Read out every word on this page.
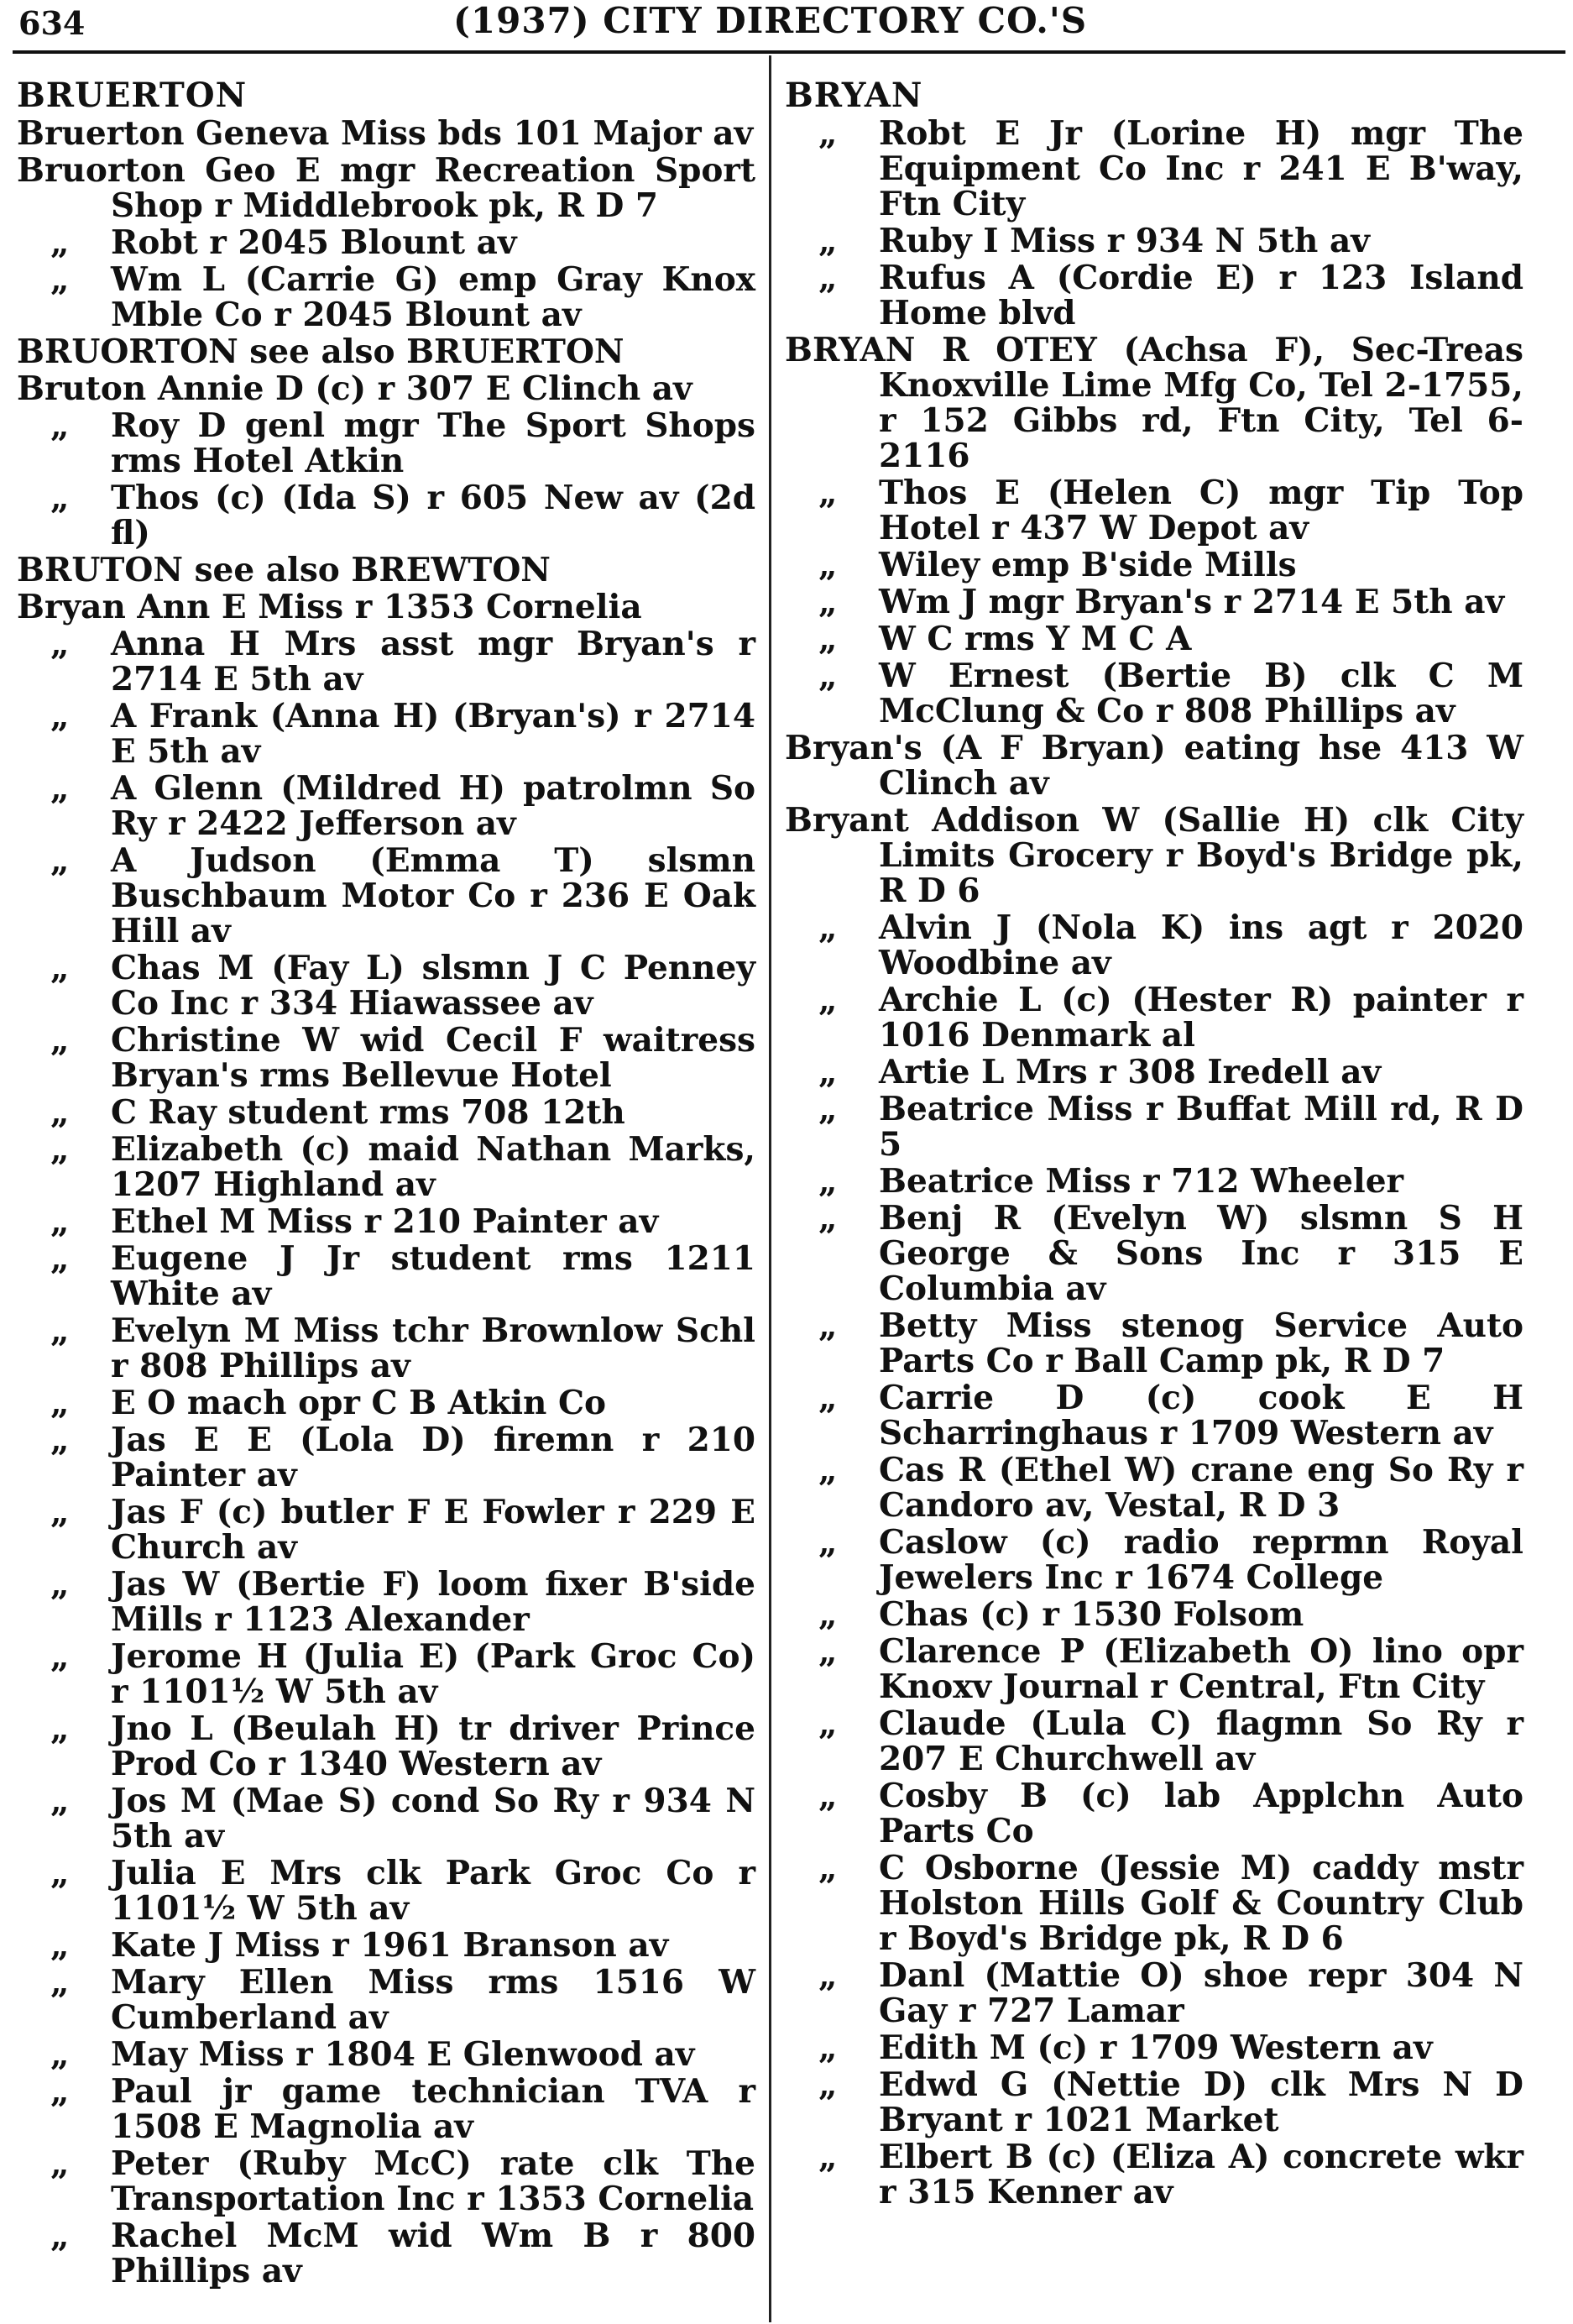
634	(1937) CITY DIRECTORY CO.'S
BRUERTON
Bruerton Geneva Miss bds 101 Major av
Bruorton Geo E mgr Recreation Sport Shop r Middlebrook pk, R D 7
„ Robt r 2045 Blount av
„ Wm L (Carrie G) emp Gray Knox Mble Co r 2045 Blount av
BRUORTON see also BRUERTON
Bruton Annie D (c) r 307 E Clinch av
„ Roy D genl mgr The Sport Shops rms Hotel Atkin
„ Thos (c) (Ida S) r 605 New av (2d fl)
BRUTON see also BREWTON
Bryan Ann E Miss r 1353 Cornelia
„ Anna H Mrs asst mgr Bryan's r 2714 E 5th av
„ A Frank (Anna H) (Bryan's) r 2714 E 5th av
„ A Glenn (Mildred H) patrolmn So Ry r 2422 Jefferson av
„ A Judson (Emma T) slsmn Buschbaum Motor Co r 236 E Oak Hill av
„ Chas M (Fay L) slsmn J C Penney Co Inc r 334 Hiawassee av
„ Christine W wid Cecil F waitress Bryan's rms Bellevue Hotel
„ C Ray student rms 708 12th
„ Elizabeth (c) maid Nathan Marks, 1207 Highland av
„ Ethel M Miss r 210 Painter av
„ Eugene J Jr student rms 1211 White av
„ Evelyn M Miss tchr Brownlow Schl r 808 Phillips av
„ E O mach opr C B Atkin Co
„ Jas E E (Lola D) firemn r 210 Painter av
„ Jas F (c) butler F E Fowler r 229 E Church av
„ Jas W (Bertie F) loom fixer B'side Mills r 1123 Alexander
„ Jerome H (Julia E) (Park Groc Co) r 1101½ W 5th av
„ Jno L (Beulah H) tr driver Prince Prod Co r 1340 Western av
„ Jos M (Mae S) cond So Ry r 934 N 5th av
„ Julia E Mrs clk Park Groc Co r 1101½ W 5th av
„ Kate J Miss r 1961 Branson av
„ Mary Ellen Miss rms 1516 W Cumberland av
„ May Miss r 1804 E Glenwood av
„ Paul jr game technician TVA r 1508 E Magnolia av
„ Peter (Ruby McC) rate clk The Transportation Inc r 1353 Cornelia
„ Rachel McM wid Wm B r 800 Phillips av
BRYAN
„ Robt E Jr (Lorine H) mgr The Equipment Co Inc r 241 E B'way, Ftn City
„ Ruby I Miss r 934 N 5th av
„ Rufus A (Cordie E) r 123 Island Home blvd
BRYAN R OTEY (Achsa F), Sec-Treas Knoxville Lime Mfg Co, Tel 2-1755, r 152 Gibbs rd, Ftn City, Tel 6-2116
„ Thos E (Helen C) mgr Tip Top Hotel r 437 W Depot av
„ Wiley emp B'side Mills
„ Wm J mgr Bryan's r 2714 E 5th av
„ W C rms Y M C A
„ W Ernest (Bertie B) clk C M McClung & Co r 808 Phillips av
Bryan's (A F Bryan) eating hse 413 W Clinch av
Bryant Addison W (Sallie H) clk City Limits Grocery r Boyd's Bridge pk, R D 6
„ Alvin J (Nola K) ins agt r 2020 Woodbine av
„ Archie L (c) (Hester R) painter r 1016 Denmark al
„ Artie L Mrs r 308 Iredell av
„ Beatrice Miss r Buffat Mill rd, R D 5
„ Beatrice Miss r 712 Wheeler
„ Benj R (Evelyn W) slsmn S H George & Sons Inc r 315 E Columbia av
„ Betty Miss stenog Service Auto Parts Co r Ball Camp pk, R D 7
„ Carrie D (c) cook E H Scharringhaus r 1709 Western av
„ Cas R (Ethel W) crane eng So Ry r Candoro av, Vestal, R D 3
„ Caslow (c) radio reprmn Royal Jewelers Inc r 1674 College
„ Chas (c) r 1530 Folsom
„ Clarence P (Elizabeth O) lino opr Knoxv Journal r Central, Ftn City
„ Claude (Lula C) flagmn So Ry r 207 E Churchwell av
„ Cosby B (c) lab Applchn Auto Parts Co
„ C Osborne (Jessie M) caddy mstr Holston Hills Golf & Country Club r Boyd's Bridge pk, R D 6
„ Danl (Mattie O) shoe repr 304 N Gay r 727 Lamar
„ Edith M (c) r 1709 Western av
„ Edwd G (Nettie D) clk Mrs N D Bryant r 1021 Market
„ Elbert B (c) (Eliza A) concrete wkr r 315 Kenner av
